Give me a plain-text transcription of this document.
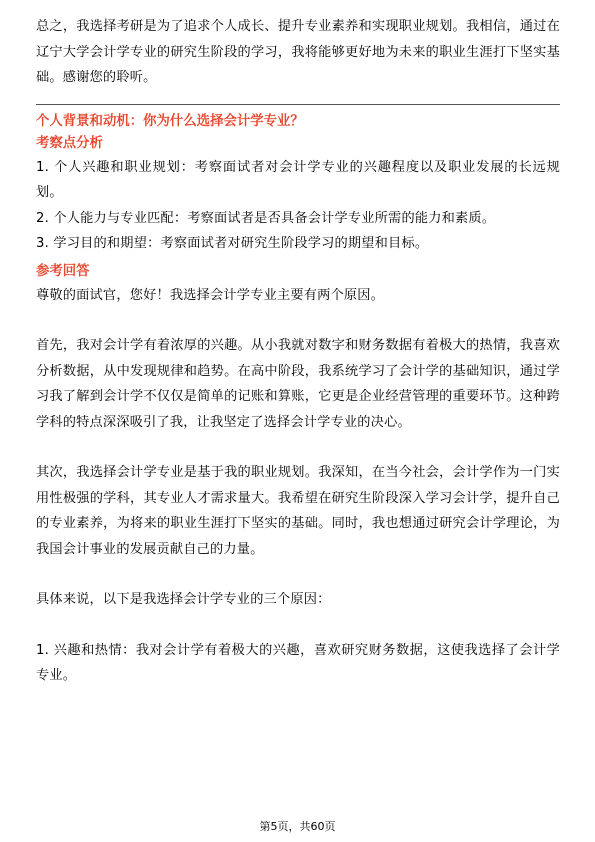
总之，我选择考研是为了追求个人成长、提升专业素养和实现职业规划。我相信，通过在辽宁大学会计学专业的研究生阶段的学习，我将能够更好地为未来的职业生涯打下坚实基础。感谢您的聆听。

个人背景和动机：你为什么选择会计学专业？
考察点分析

1. 个人兴趣和职业规划：考察面试者对会计学专业的兴趣程度以及职业发展的长远规划。

2. 个人能力与专业匹配：考察面试者是否具备会计学专业所需的能力和素质。

3. 学习目的和期望：考察面试者对研究生阶段学习的期望和目标。

参考回答

尊敬的面试官，您好！我选择会计学专业主要有两个原因。

首先，我对会计学有着浓厚的兴趣。从小我就对数字和财务数据有着极大的热情，我喜欢分析数据，从中发现规律和趋势。在高中阶段，我系统学习了会计学的基础知识，通过学习我了解到会计学不仅仅是简单的记账和算账，它更是企业经营管理的重要环节。这种跨学科的特点深深吸引了我，让我坚定了选择会计学专业的决心。

其次，我选择会计学专业是基于我的职业规划。我深知，在当今社会，会计学作为一门实用性极强的学科，其专业人才需求量大。我希望在研究生阶段深入学习会计学，提升自己的专业素养，为将来的职业生涯打下坚实的基础。同时，我也想通过研究会计学理论，为我国会计事业的发展贡献自己的力量。

具体来说，以下是我选择会计学专业的三个原因：

1. 兴趣和热情：我对会计学有着极大的兴趣，喜欢研究财务数据，这使我选择了会计学专业。

第5页，共60页
